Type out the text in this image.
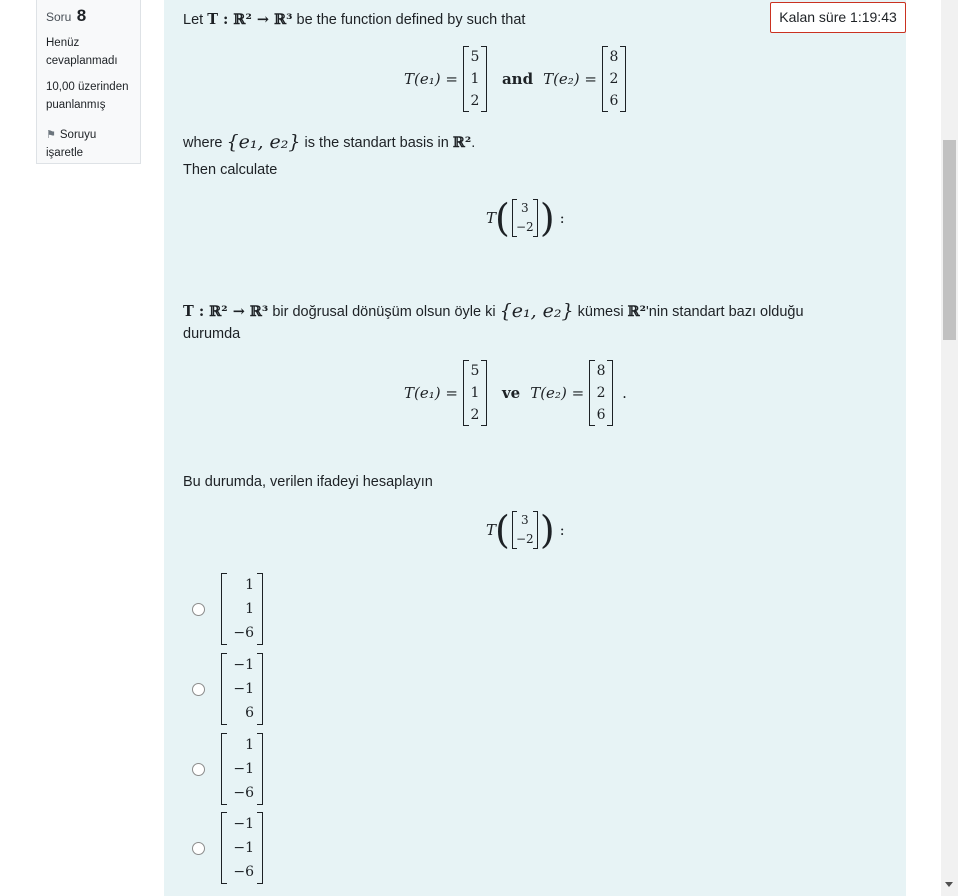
Soru 8
Henüz
cevaplanmadı
10,00 üzerinden
puanlanmış
⚑ Soruyu
işaretle
Let T : ℝ² → ℝ³ be the function defined by such that
T(e₁) =
5
1
2
and T(e₂) =
8
2
6
where {e₁, e₂} is the standart basis in ℝ².
Then calculate
T ( 3
−2 ) :
T : ℝ² → ℝ³ bir doğrusal dönüşüm olsun öyle ki {e₁, e₂} kümesi ℝ²'nin standart bazı olduğu durumda
T(e₁) =
5
1
2
ve T(e₂) =
8
2
6
.
Bu durumda, verilen ifadeyi hesaplayın
T ( 3
−2 ) :
1
1
−6
−1
−1
6
1
−1
−6
−1
−1
−6
Kalan süre 1:19:43
